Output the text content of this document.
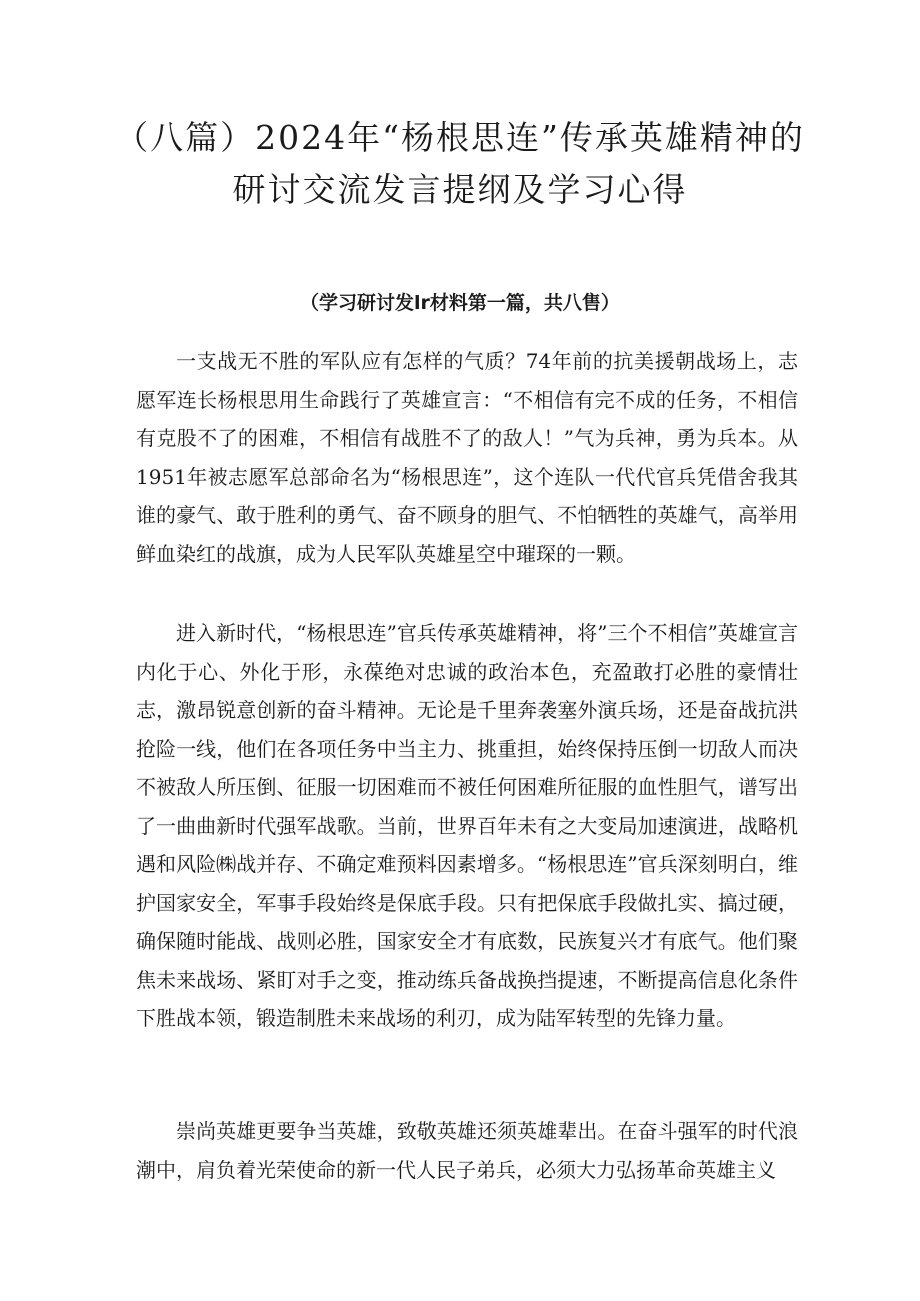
（八篇）2024年“杨根思连”传承英雄精神的研讨交流发言提纲及学习心得

（学习研讨发lr材料第一篇，共八售）

一支战无不胜的军队应有怎样的气质？74年前的抗美援朝战场上，志愿军连长杨根思用生命践行了英雄宣言：“不相信有完不成的任务，不相信有克股不了的困难，不相信有战胜不了的敌人！”气为兵神，勇为兵本。从1951年被志愿军总部命名为“杨根思连”，这个连队一代代官兵凭借舍我其谁的豪气、敢于胜利的勇气、奋不顾身的胆气、不怕牺牲的英雄气，高举用鲜血染红的战旗，成为人民军队英雄星空中璀琛的一颗。

进入新时代，“杨根思连”官兵传承英雄精神，将”三个不相信”英雄宣言内化于心、外化于形，永葆绝对忠诚的政治本色，充盈敢打必胜的豪情壮志，激昂锐意创新的奋斗精神。无论是千里奔袭塞外演兵场，还是奋战抗洪抢险一线，他们在各项任务中当主力、挑重担，始终保持压倒一切敌人而决不被敌人所压倒、征服一切困难而不被任何困难所征服的血性胆气，谱写出了一曲曲新时代强军战歌。当前，世界百年未有之大变局加速演进，战略机遇和风险㈱战并存、不确定难预料因素增多。“杨根思连”官兵深刻明白，维护国家安全，军事手段始终是保底手段。只有把保底手段做扎实、搞过硬，确保随时能战、战则必胜，国家安全才有底数，民族复兴才有底气。他们聚焦未来战场、紧盯对手之变，推动练兵备战换挡提速，不断提高信息化条件下胜战本领，锻造制胜未来战场的利刃，成为陆军转型的先锋力量。

崇尚英雄更要争当英雄，致敬英雄还须英雄辈出。在奋斗强军的时代浪潮中，肩负着光荣使命的新一代人民子弟兵，必须大力弘扬革命英雄主义
